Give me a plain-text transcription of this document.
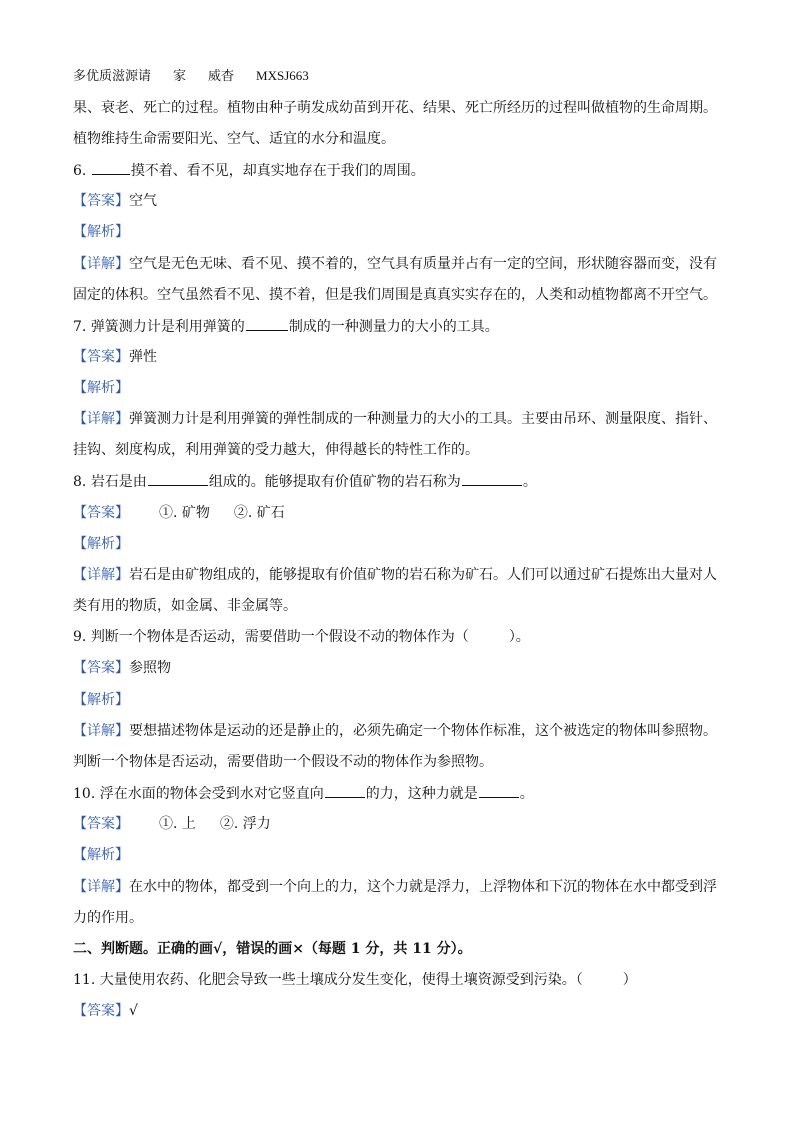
多优质滋源请 家 威杳 MXSJ663
果、衰老、死亡的过程。植物由种子萌发成幼苗到开花、结果、死亡所经历的过程叫做植物的生命周期。
植物维持生命需要阳光、空气、适宜的水分和温度。
6.	摸不着、看不见，却真实地存在于我们的周围。
【答案】空气
【解析】
【详解】空气是无色无味、看不见、摸不着的，空气具有质量并占有一定的空间，形状随容器而变，没有
固定的体积。空气虽然看不见、摸不着，但是我们周围是真真实实存在的，人类和动植物都离不开空气。
7. 弹簧测力计是利用弹簧的	制成的一种测量力的大小的工具。
【答案】弹性
【解析】
【详解】弹簧测力计是利用弹簧的弹性制成的一种测量力的大小的工具。主要由吊环、测量限度、指针、
挂钩、刻度构成，利用弹簧的受力越大，伸得越长的特性工作的。
8. 岩石是由	组成的。能够提取有价值矿物的岩石称为	。
【答案】 ①. 矿物 ②. 矿石
【解析】
【详解】岩石是由矿物组成的，能够提取有价值矿物的岩石称为矿石。人们可以通过矿石提炼出大量对人
类有用的物质，如金属、非金属等。
9. 判断一个物体是否运动，需要借助一个假设不动的物体作为（	）。
【答案】参照物
【解析】
【详解】要想描述物体是运动的还是静止的，必须先确定一个物体作标准，这个被选定的物体叫参照物。
判断一个物体是否运动，需要借助一个假设不动的物体作为参照物。
10. 浮在水面的物体会受到水对它竖直向	的力，这种力就是	。
【答案】 ①. 上 ②. 浮力
【解析】
【详解】在水中的物体，都受到一个向上的力，这个力就是浮力，上浮物体和下沉的物体在水中都受到浮
力的作用。
二、判断题。正确的画√，错误的画×（每题 1 分，共 11 分）。
11. 大量使用农药、化肥会导致一些土壤成分发生变化，使得土壤资源受到污染。（	）
【答案】√
